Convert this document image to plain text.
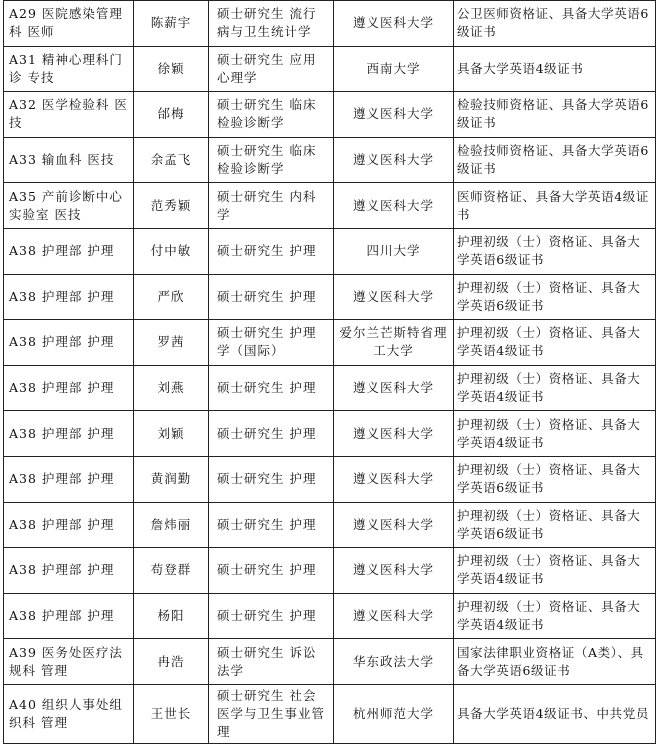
A29 医院感染管理科 医师	陈薪宇	硕士研究生 流行病与卫生统计学	遵义医科大学	公卫医师资格证、具备大学英语6级证书
A31 精神心理科门诊 专技	徐颖	硕士研究生 应用心理学	西南大学	具备大学英语4级证书
A32 医学检验科 医技	邰梅	硕士研究生 临床检验诊断学	遵义医科大学	检验技师资格证、具备大学英语6级证书
A33 输血科 医技	余孟飞	硕士研究生 临床检验诊断学	遵义医科大学	检验技师资格证、具备大学英语6级证书
A35 产前诊断中心实验室 医技	范秀颖	硕士研究生 内科学	遵义医科大学	医师资格证、具备大学英语4级证书
A38 护理部 护理	付中敏	硕士研究生 护理	四川大学	护理初级（士）资格证、具备大学英语6级证书
A38 护理部 护理	严欣	硕士研究生 护理	遵义医科大学	护理初级（士）资格证、具备大学英语6级证书
A38 护理部 护理	罗茜	硕士研究生 护理学（国际）	爱尔兰芒斯特省理工大学	护理初级（士）资格证、具备大学英语4级证书
A38 护理部 护理	刘燕	硕士研究生 护理	遵义医科大学	护理初级（士）资格证、具备大学英语4级证书
A38 护理部 护理	刘颖	硕士研究生 护理	遵义医科大学	护理初级（士）资格证、具备大学英语4级证书
A38 护理部 护理	黄润勤	硕士研究生 护理	遵义医科大学	护理初级（士）资格证、具备大学英语6级证书
A38 护理部 护理	詹炜丽	硕士研究生 护理	遵义医科大学	护理初级（士）资格证、具备大学英语6级证书
A38 护理部 护理	苟登群	硕士研究生 护理	遵义医科大学	护理初级（士）资格证、具备大学英语4级证书
A38 护理部 护理	杨阳	硕士研究生 护理	遵义医科大学	护理初级（士）资格证、具备大学英语4级证书
A39 医务处医疗法规科 管理	冉浩	硕士研究生 诉讼法学	华东政法大学	国家法律职业资格证（A类）、具备大学英语6级证书
A40 组织人事处组织科 管理	王世长	硕士研究生 社会医学与卫生事业管理	杭州师范大学	具备大学英语4级证书、中共党员
